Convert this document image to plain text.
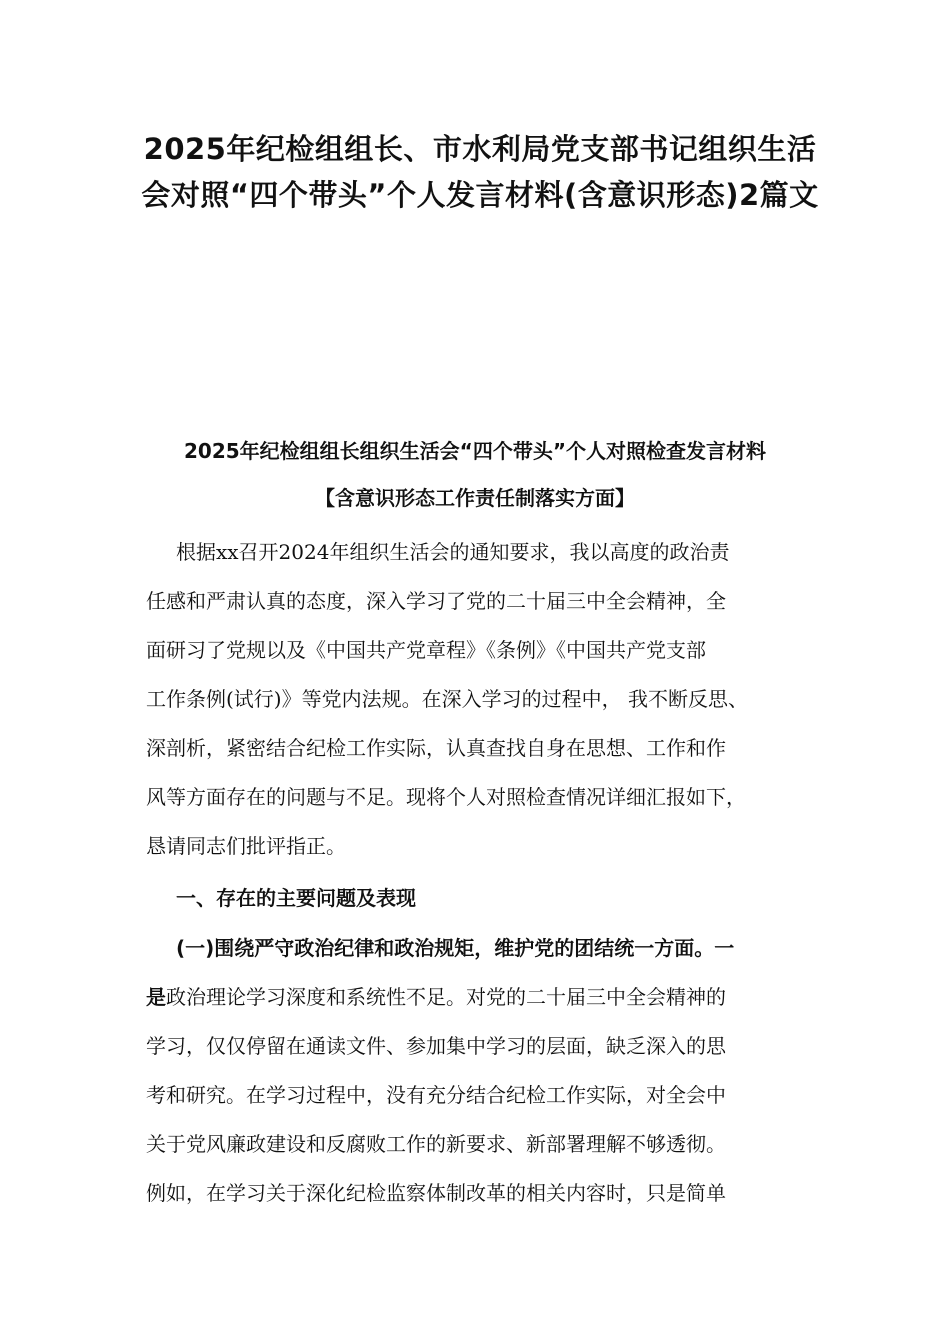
2025年纪检组组长、市水利局党支部书记组织生活会对照“四个带头”个人发言材料(含意识形态)2篇文

2025年纪检组组长组织生活会“四个带头”个人对照检查发言材料

【含意识形态工作责任制落实方面】

根据xx召开2024年组织生活会的通知要求，我以高度的政治责

任感和严肃认真的态度，深入学习了党的二十届三中全会精神，全

面研习了党规以及《中国共产党章程》《条例》《中国共产党支部

工作条例(试行)》等党内法规。在深入学习的过程中， 我不断反思、

深剖析，紧密结合纪检工作实际，认真查找自身在思想、工作和作

风等方面存在的问题与不足。现将个人对照检查情况详细汇报如下，

恳请同志们批评指正。

一、存在的主要问题及表现

(一)围绕严守政治纪律和政治规矩，维护党的团结统一方面。一

是政治理论学习深度和系统性不足。对党的二十届三中全会精神的

学习，仅仅停留在通读文件、参加集中学习的层面，缺乏深入的思

考和研究。在学习过程中，没有充分结合纪检工作实际，对全会中

关于党风廉政建设和反腐败工作的新要求、新部署理解不够透彻。

例如，在学习关于深化纪检监察体制改革的相关内容时，只是简单
